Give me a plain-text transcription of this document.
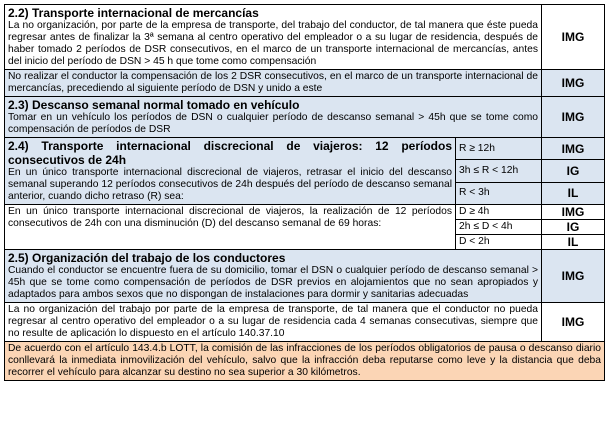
2.2) Transporte internacional de mercancías
La no organización, por parte de la empresa de transporte, del trabajo del conductor, de tal manera que éste pueda regresar antes de finalizar la 3ª semana al centro operativo del empleador o a su lugar de residencia, después de haber tomado 2 períodos de DSR consecutivos, en el marco de un transporte internacional de mercancías, antes del inicio del período de DSN > 45 h que tome como compensación		IMG
No realizar el conductor la compensación de los 2 DSR consecutivos, en el marco de un transporte internacional de mercancías, precediendo al siguiente período de DSN y unido a este		IMG

2.3) Descanso semanal normal tomado en vehículo
Tomar en un vehículo los períodos de DSN o cualquier período de descanso semanal > 45h que se tome como compensación de períodos de DSR		IMG

2.4) Transporte internacional discrecional de viajeros: 12 períodos consecutivos de 24h
En un único transporte internacional discrecional de viajeros, retrasar el inicio del descanso semanal superando 12 períodos consecutivos de 24h después del período de descanso semanal anterior, cuando dicho retraso (R) sea:	R ≥ 12h	IMG
	3h ≤ R < 12h	IG
	R < 3h	IL
En un único transporte internacional discrecional de viajeros, la realización de 12 períodos consecutivos de 24h con una disminución (D) del descanso semanal de 69 horas:	D ≥ 4h	IMG
	2h ≤ D < 4h	IG
	D < 2h	IL

2.5) Organización del trabajo de los conductores
Cuando el conductor se encuentre fuera de su domicilio, tomar el DSN o cualquier período de descanso semanal > 45h que se tome como compensación de períodos de DSR previos en alojamientos que no sean apropiados y adaptados para ambos sexos que no dispongan de instalaciones para dormir y sanitarias adecuadas		IMG
La no organización del trabajo por parte de la empresa de transporte, de tal manera que el conductor no pueda regresar al centro operativo del empleador o a su lugar de residencia cada 4 semanas consecutivas, siempre que no resulte de aplicación lo dispuesto en el artículo 140.37.10		IMG
De acuerdo con el artículo 143.4.b LOTT, la comisión de las infracciones de los períodos obligatorios de pausa o descanso diario conllevará la inmediata inmovilización del vehículo, salvo que la infracción deba reputarse como leve y la distancia que deba recorrer el vehículo para alcanzar su destino no sea superior a 30 kilómetros.		
